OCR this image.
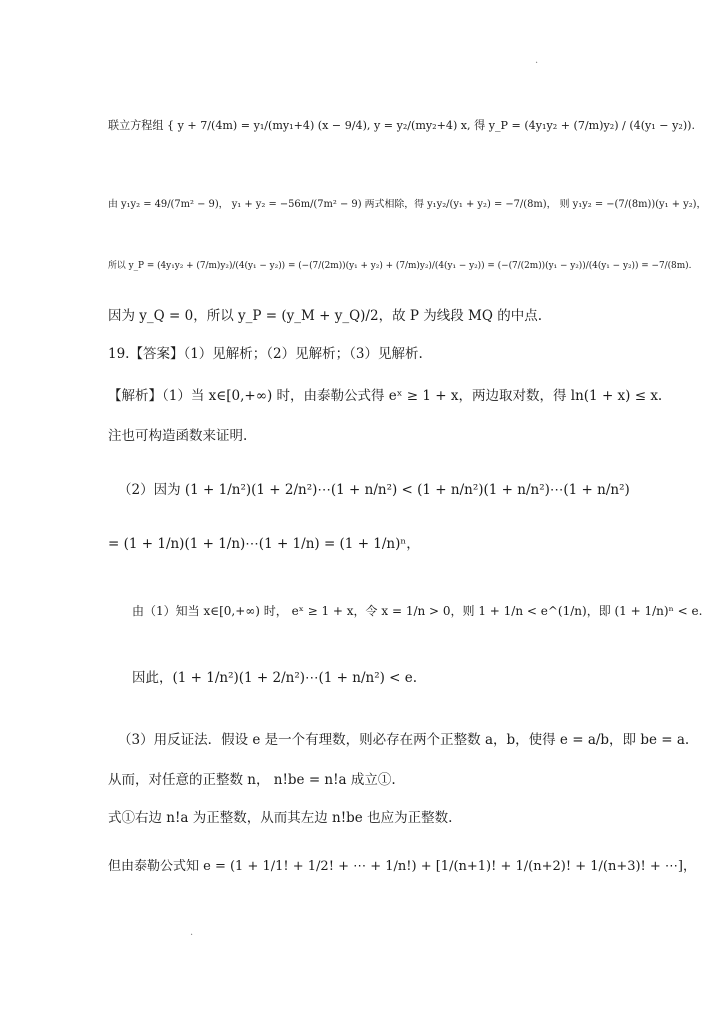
联立方程组 { y + 7/(4m) = y₁/(my₁+4) (x − 9/4), y = y₂/(my₂+4) x, 得 y_P = (4y₁y₂ + (7/m)y₂) / (4(y₁ − y₂)).
由 y₁y₂ = 49/(7m² − 9)， y₁ + y₂ = −56m/(7m² − 9) 两式相除，得 y₁y₂/(y₁ + y₂) = −7/(8m)， 则 y₁y₂ = −(7/(8m))(y₁ + y₂)，
所以 y_P = (4y₁y₂ + (7/m)y₂)/(4(y₁ − y₂)) = (−(7/(2m))(y₁ + y₂) + (7/m)y₂)/(4(y₁ − y₂)) = (−(7/(2m))(y₁ − y₂))/(4(y₁ − y₂)) = −7/(8m).
因为 y_Q = 0，所以 y_P = (y_M + y_Q)/2，故 P 为线段 MQ 的中点.
19.【答案】（1）见解析；（2）见解析；（3）见解析.
【解析】（1）当 x∈[0,+∞) 时，由泰勒公式得 eˣ ≥ 1 + x，两边取对数，得 ln(1 + x) ≤ x.
注也可构造函数来证明.
（2）因为 (1 + 1/n²)(1 + 2/n²)⋯(1 + n/n²) < (1 + n/n²)(1 + n/n²)⋯(1 + n/n²)
= (1 + 1/n)(1 + 1/n)⋯(1 + 1/n) = (1 + 1/n)ⁿ，
由（1）知当 x∈[0,+∞) 时， eˣ ≥ 1 + x，令 x = 1/n > 0，则 1 + 1/n < e^(1/n)，即 (1 + 1/n)ⁿ < e.
因此，(1 + 1/n²)(1 + 2/n²)⋯(1 + n/n²) < e.
（3）用反证法．假设 e 是一个有理数，则必存在两个正整数 a，b，使得 e = a/b，即 be = a.
从而，对任意的正整数 n， n!be = n!a 成立①.
式①右边 n!a 为正整数，从而其左边 n!be 也应为正整数.
但由泰勒公式知 e = (1 + 1/1! + 1/2! + ⋯ + 1/n!) + [1/(n+1)! + 1/(n+2)! + 1/(n+3)! + ⋯]，
·
·
